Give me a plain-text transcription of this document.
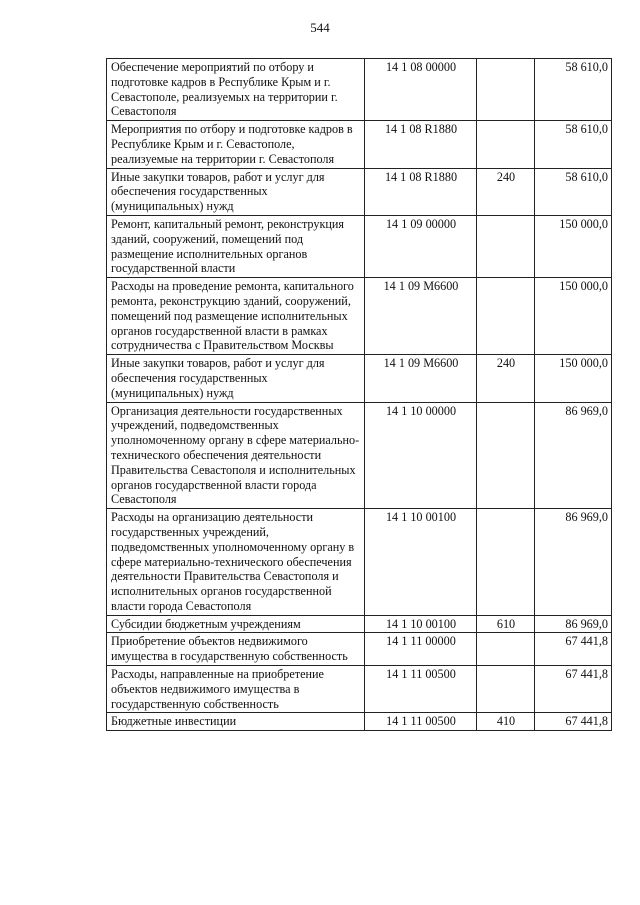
544
Обеспечение мероприятий по отбору и подготовке кадров в Республике Крым и г. Севастополе, реализуемых на территории г. Севастополя	14 1 08 00000		58 610,0
Мероприятия по отбору и подготовке кадров в Республике Крым и г. Севастополе, реализуемые на территории г. Севастополя	14 1 08 R1880		58 610,0
Иные закупки товаров, работ и услуг для обеспечения государственных (муниципальных) нужд	14 1 08 R1880	240	58 610,0
Ремонт, капитальный ремонт, реконструкция зданий, сооружений, помещений под размещение исполнительных органов государственной власти	14 1 09 00000		150 000,0
Расходы на проведение ремонта, капитального ремонта, реконструкцию зданий, сооружений, помещений под размещение исполнительных органов государственной власти в рамках сотрудничества с Правительством Москвы	14 1 09 М6600		150 000,0
Иные закупки товаров, работ и услуг для обеспечения государственных (муниципальных) нужд	14 1 09 М6600	240	150 000,0
Организация деятельности государственных учреждений, подведомственных уполномоченному органу в сфере материально-технического обеспечения деятельности Правительства Севастополя и исполнительных органов государственной власти города Севастополя	14 1 10 00000		86 969,0
Расходы на организацию деятельности государственных учреждений, подведомственных уполномоченному органу в сфере материально-технического обеспечения деятельности Правительства Севастополя и исполнительных органов государственной власти города Севастополя	14 1 10 00100		86 969,0
Субсидии бюджетным учреждениям	14 1 10 00100	610	86 969,0
Приобретение объектов недвижимого имущества в государственную собственность	14 1 11 00000		67 441,8
Расходы, направленные на приобретение объектов недвижимого имущества в государственную собственность	14 1 11 00500		67 441,8
Бюджетные инвестиции	14 1 11 00500	410	67 441,8
